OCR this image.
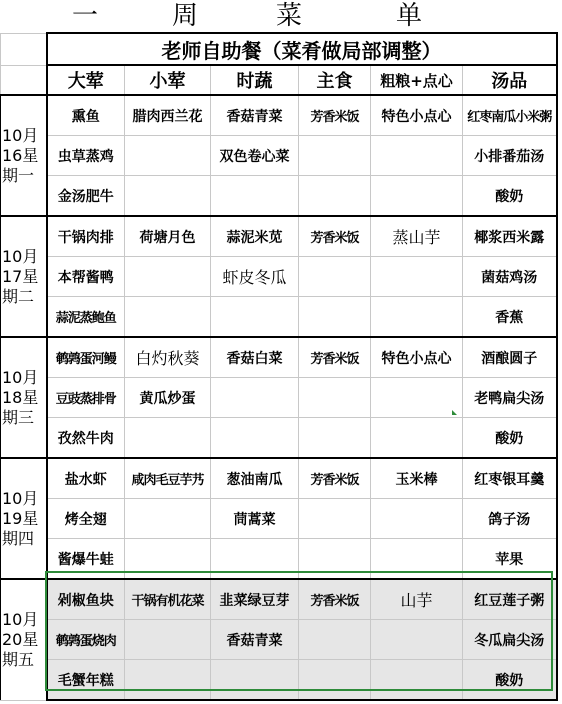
一	周	菜	单
	老师自助餐（菜肴做局部调整）					
	大荤	小荤	时蔬	主食	粗粮+点心	汤品
10月16星期一	熏鱼	腊肉西兰花	香菇青菜	芳香米饭	特色小点心	红枣南瓜小米粥
	虫草蒸鸡		双色卷心菜			小排番茄汤
	金汤肥牛					酸奶
10月17星期二	干锅肉排	荷塘月色	蒜泥米苋	芳香米饭	蒸山芋	椰浆西米露
	本帮酱鸭		虾皮冬瓜			菌菇鸡汤
	蒜泥蒸鲍鱼					香蕉
10月18星期三	鹌鹑蛋河鳗	白灼秋葵	香菇白菜	芳香米饭	特色小点心	酒酿圆子
	豆豉蒸排骨	黄瓜炒蛋				老鸭扁尖汤
	孜然牛肉					酸奶
10月19星期四	盐水虾	咸肉毛豆芋艿	葱油南瓜	芳香米饭	玉米棒	红枣银耳羹
	烤全翅		茼蒿菜			鸽子汤
	酱爆牛蛙					苹果
10月20星期五	剁椒鱼块	干锅有机花菜	韭菜绿豆芽	芳香米饭	山芋	红豆莲子粥
	鹌鹑蛋烧肉		香菇青菜			冬瓜扁尖汤
	毛蟹年糕					酸奶
